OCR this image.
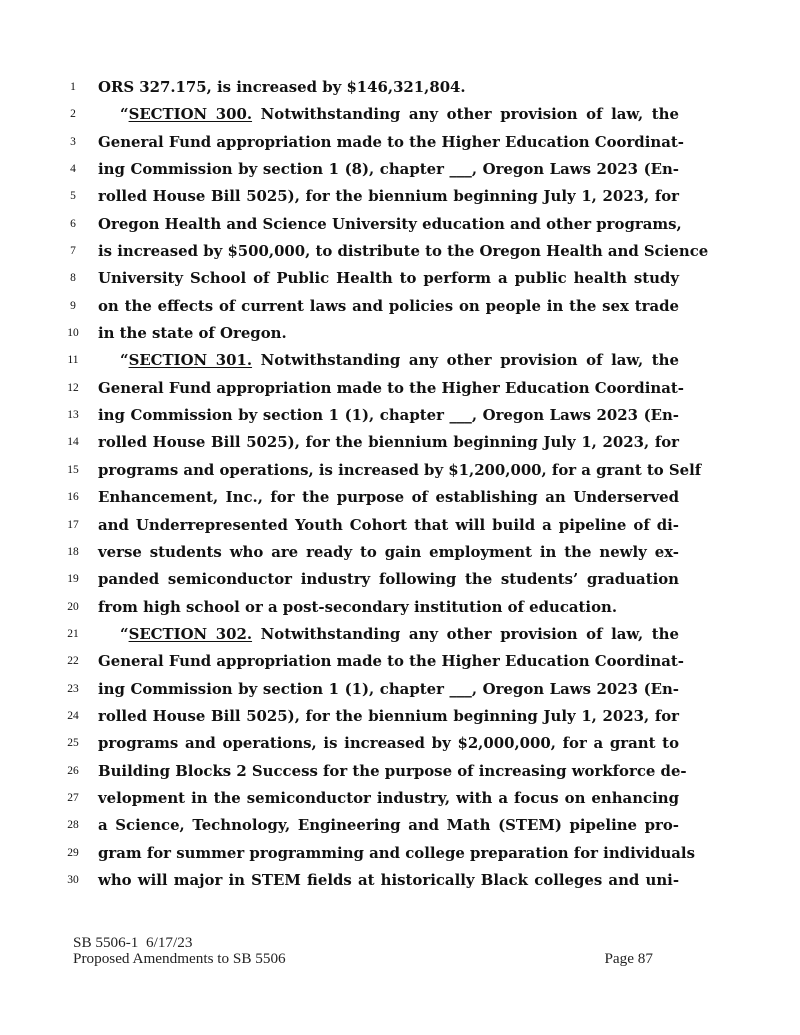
1	ORS 327.175, is increased by $146,321,804.
2	“SECTION 300. Notwithstanding any other provision of law, the
3	General Fund appropriation made to the Higher Education Coordinat-
4	ing Commission by section 1 (8), chapter ___, Oregon Laws 2023 (En-
5	rolled House Bill 5025), for the biennium beginning July 1, 2023, for
6	Oregon Health and Science University education and other programs,
7	is increased by $500,000, to distribute to the Oregon Health and Science
8	University School of Public Health to perform a public health study
9	on the effects of current laws and policies on people in the sex trade
10	in the state of Oregon.
11	“SECTION 301. Notwithstanding any other provision of law, the
12	General Fund appropriation made to the Higher Education Coordinat-
13	ing Commission by section 1 (1), chapter ___, Oregon Laws 2023 (En-
14	rolled House Bill 5025), for the biennium beginning July 1, 2023, for
15	programs and operations, is increased by $1,200,000, for a grant to Self
16	Enhancement, Inc., for the purpose of establishing an Underserved
17	and Underrepresented Youth Cohort that will build a pipeline of di-
18	verse students who are ready to gain employment in the newly ex-
19	panded semiconductor industry following the students’ graduation
20	from high school or a post-secondary institution of education.
21	“SECTION 302. Notwithstanding any other provision of law, the
22	General Fund appropriation made to the Higher Education Coordinat-
23	ing Commission by section 1 (1), chapter ___, Oregon Laws 2023 (En-
24	rolled House Bill 5025), for the biennium beginning July 1, 2023, for
25	programs and operations, is increased by $2,000,000, for a grant to
26	Building Blocks 2 Success for the purpose of increasing workforce de-
27	velopment in the semiconductor industry, with a focus on enhancing
28	a Science, Technology, Engineering and Math (STEM) pipeline pro-
29	gram for summer programming and college preparation for individuals
30	who will major in STEM fields at historically Black colleges and uni-
SB 5506-1 6/17/23
Proposed Amendments to SB 5506	Page 87
